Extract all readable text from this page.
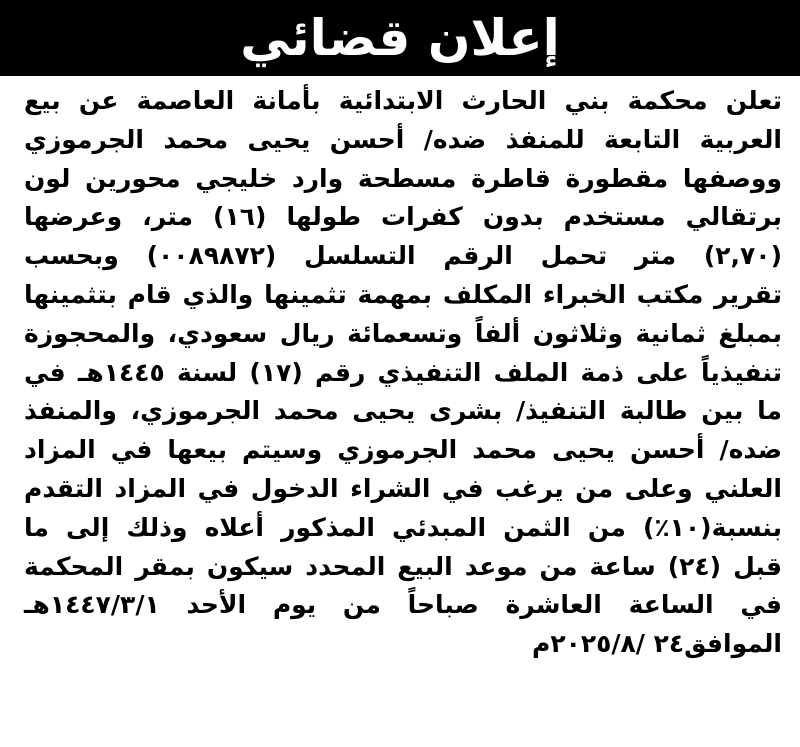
إعلان قضائي
تعلن محكمة بني الحارث الابتدائية بأمانة العاصمة عن بيع
العربية التابعة للمنفذ ضده/ أحسن يحيى محمد الجرموزي
ووصفها مقطورة قاطرة مسطحة وارد خليجي محورين لون
برتقالي مستخدم بدون كفرات طولها (١٦) متر، وعرضها
(٢,٧٠) متر تحمل الرقم التسلسل (٠٠٨٩٨٧٢) وبحسب
تقرير مكتب الخبراء المكلف بمهمة تثمينها والذي قام بتثمينها
بمبلغ ثمانية وثلاثون ألفاً وتسعمائة ريال سعودي، والمحجوزة
تنفيذياً على ذمة الملف التنفيذي رقم (١٧) لسنة ١٤٤٥هـ في
ما بين طالبة التنفيذ/ بشرى يحيى محمد الجرموزي، والمنفذ
ضده/ أحسن يحيى محمد الجرموزي وسيتم بيعها في المزاد
العلني وعلى من يرغب في الشراء الدخول في المزاد التقدم
بنسبة(١٠٪) من الثمن المبدئي المذكور أعلاه وذلك إلى ما
قبل (٢٤) ساعة من موعد البيع المحدد سيكون بمقر المحكمة
في الساعة العاشرة صباحاً من يوم الأحد ١٤٤٧/٣/١هـ
الموافق٢٤ /٢٠٢٥/٨م
